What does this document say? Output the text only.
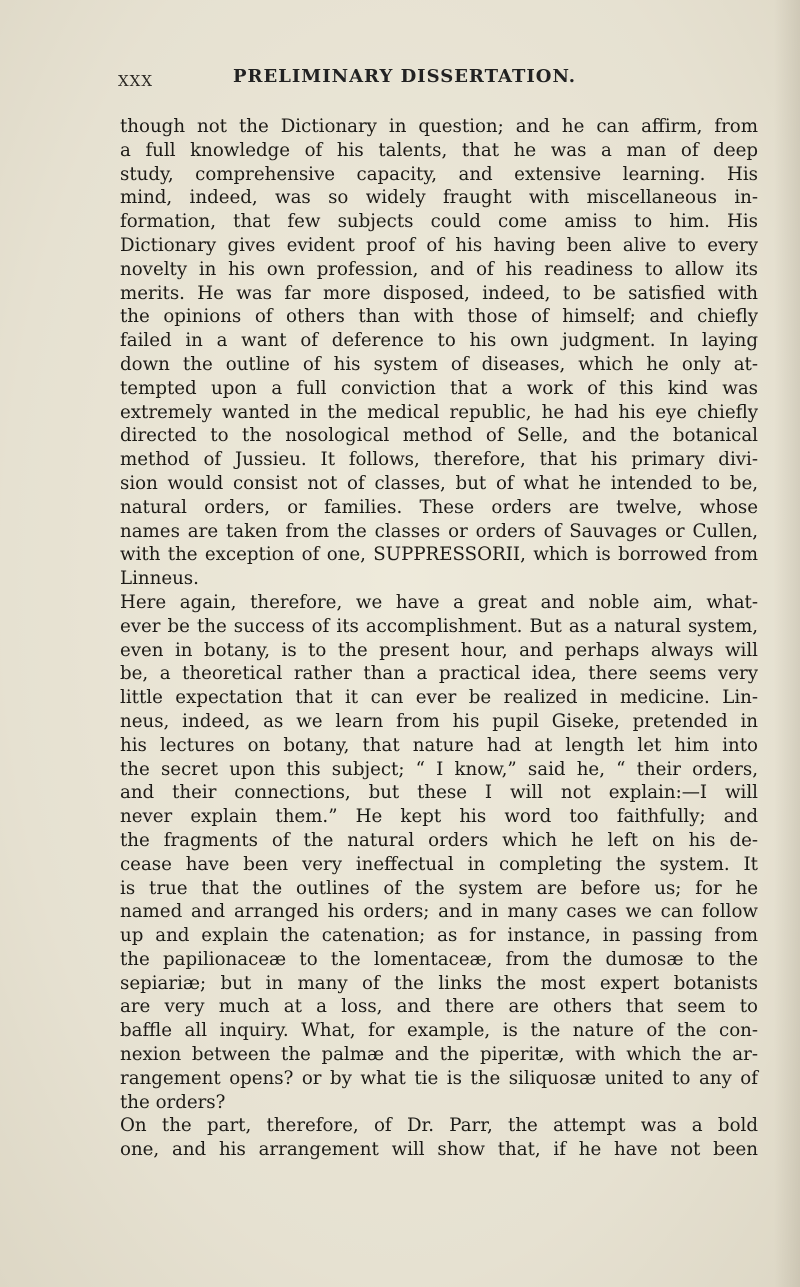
XXX	PRELIMINARY DISSERTATION.
though not the Dictionary in question; and he can affirm, from
a full knowledge of his talents, that he was a man of deep
study, comprehensive capacity, and extensive learning. His
mind, indeed, was so widely fraught with miscellaneous in-
formation, that few subjects could come amiss to him. His
Dictionary gives evident proof of his having been alive to every
novelty in his own profession, and of his readiness to allow its
merits. He was far more disposed, indeed, to be satisfied with
the opinions of others than with those of himself; and chiefly
failed in a want of deference to his own judgment. In laying
down the outline of his system of diseases, which he only at-
tempted upon a full conviction that a work of this kind was
extremely wanted in the medical republic, he had his eye chiefly
directed to the nosological method of Selle, and the botanical
method of Jussieu. It follows, therefore, that his primary divi-
sion would consist not of classes, but of what he intended to be,
natural orders, or families. These orders are twelve, whose
names are taken from the classes or orders of Sauvages or Cullen,
with the exception of one, SUPPRESSORII, which is borrowed from
Linneus.
Here again, therefore, we have a great and noble aim, what-
ever be the success of its accomplishment. But as a natural system,
even in botany, is to the present hour, and perhaps always will
be, a theoretical rather than a practical idea, there seems very
little expectation that it can ever be realized in medicine. Lin-
neus, indeed, as we learn from his pupil Giseke, pretended in
his lectures on botany, that nature had at length let him into
the secret upon this subject; “ I know,” said he, “ their orders,
and their connections, but these I will not explain:—I will
never explain them.” He kept his word too faithfully; and
the fragments of the natural orders which he left on his de-
cease have been very ineffectual in completing the system. It
is true that the outlines of the system are before us; for he
named and arranged his orders; and in many cases we can follow
up and explain the catenation; as for instance, in passing from
the papilionaceæ to the lomentaceæ, from the dumosæ to the
sepiariæ; but in many of the links the most expert botanists
are very much at a loss, and there are others that seem to
baffle all inquiry. What, for example, is the nature of the con-
nexion between the palmæ and the piperitæ, with which the ar-
rangement opens? or by what tie is the siliquosæ united to any of
the orders?
On the part, therefore, of Dr. Parr, the attempt was a bold
one, and his arrangement will show that, if he have not been
